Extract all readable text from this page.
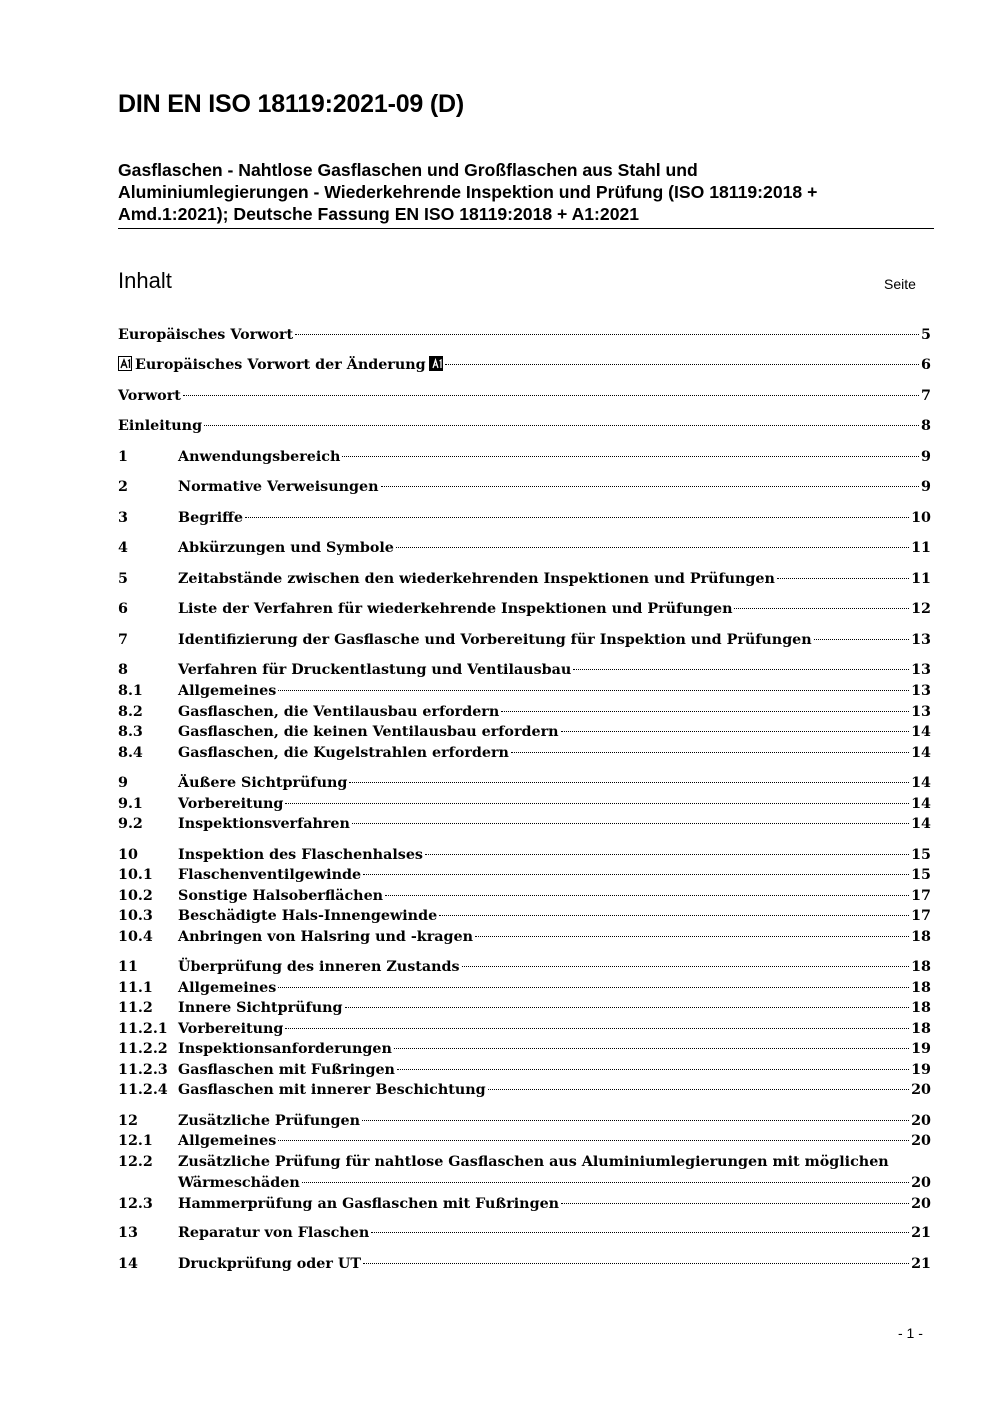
DIN EN ISO 18119:2021-09 (D)
Gasflaschen - Nahtlose Gasflaschen und Großflaschen aus Stahl und
Aluminiumlegierungen - Wiederkehrende Inspektion und Prüfung (ISO 18119:2018 +
Amd.1:2021); Deutsche Fassung EN ISO 18119:2018 + A1:2021
Inhalt	Seite
Europäisches Vorwort	5
Europäisches Vorwort der Änderung	6
Vorwort	7
Einleitung	8
1	Anwendungsbereich	9
2	Normative Verweisungen	9
3	Begriffe	10
4	Abkürzungen und Symbole	11
5	Zeitabstände zwischen den wiederkehrenden Inspektionen und Prüfungen	11
6	Liste der Verfahren für wiederkehrende Inspektionen und Prüfungen	12
7	Identifizierung der Gasflasche und Vorbereitung für Inspektion und Prüfungen	13
8	Verfahren für Druckentlastung und Ventilausbau	13
8.1 Allgemeines	13
8.2 Gasflaschen, die Ventilausbau erfordern	13
8.3 Gasflaschen, die keinen Ventilausbau erfordern	14
8.4 Gasflaschen, die Kugelstrahlen erfordern	14
9	Äußere Sichtprüfung	14
9.1 Vorbereitung	14
9.2 Inspektionsverfahren	14
10	Inspektion des Flaschenhalses	15
10.1 Flaschenventilgewinde	15
10.2 Sonstige Halsoberflächen	17
10.3 Beschädigte Hals-Innengewinde	17
10.4 Anbringen von Halsring und -kragen	18
11	Überprüfung des inneren Zustands	18
11.1 Allgemeines	18
11.2 Innere Sichtprüfung	18
11.2.1 Vorbereitung	18
11.2.2 Inspektionsanforderungen	19
11.2.3 Gasflaschen mit Fußringen	19
11.2.4 Gasflaschen mit innerer Beschichtung	20
12	Zusätzliche Prüfungen	20
12.1 Allgemeines	20
12.2 Zusätzliche Prüfung für nahtlose Gasflaschen aus Aluminiumlegierungen mit möglichen
Wärmeschäden	20
12.3 Hammerprüfung an Gasflaschen mit Fußringen	20
13	Reparatur von Flaschen	21
14	Druckprüfung oder UT	21
- 1 -
